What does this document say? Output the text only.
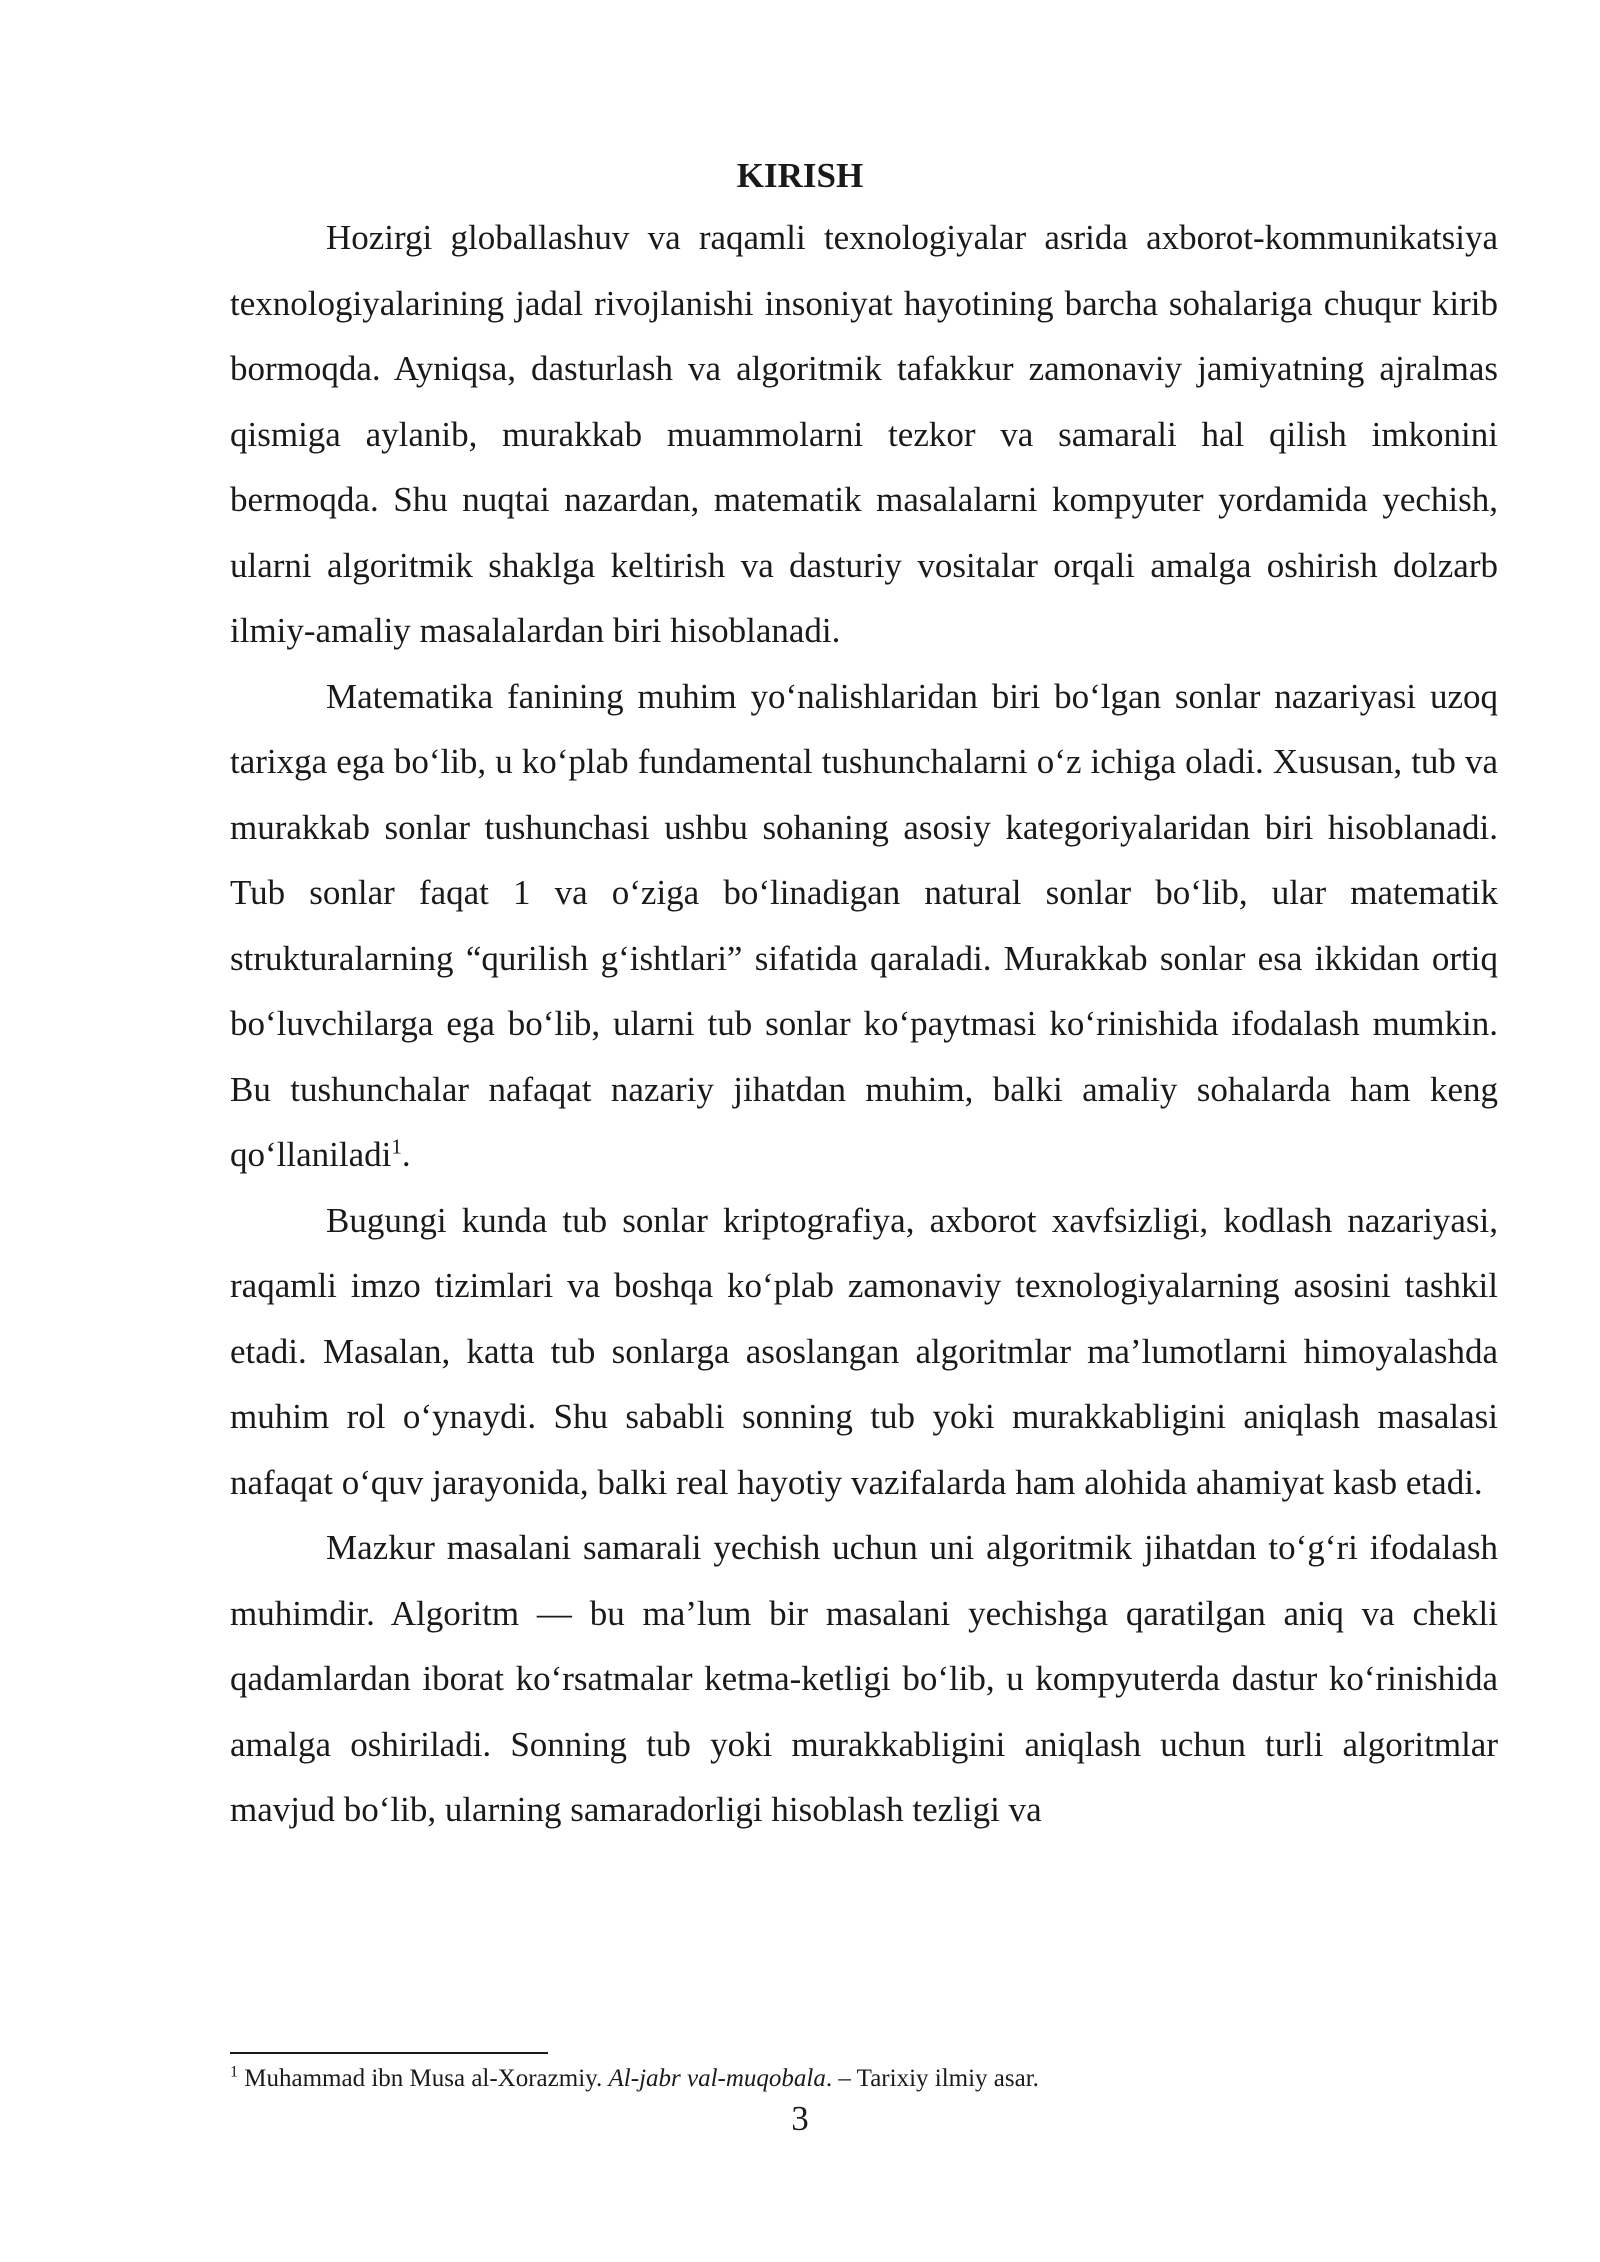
KIRISH

Hozirgi globallashuv va raqamli texnologiyalar asrida axborot-kommunikatsiya texnologiyalarining jadal rivojlanishi insoniyat hayotining barcha sohalariga chuqur kirib bormoqda. Ayniqsa, dasturlash va algoritmik tafakkur zamonaviy jamiyatning ajralmas qismiga aylanib, murakkab muammolarni tezkor va samarali hal qilish imkonini bermoqda. Shu nuqtai nazardan, matematik masalalarni kompyuter yordamida yechish, ularni algoritmik shaklga keltirish va dasturiy vositalar orqali amalga oshirish dolzarb ilmiy-amaliy masalalardan biri hisoblanadi.

Matematika fanining muhim yo‘nalishlaridan biri bo‘lgan sonlar nazariyasi uzoq tarixga ega bo‘lib, u ko‘plab fundamental tushunchalarni o‘z ichiga oladi. Xususan, tub va murakkab sonlar tushunchasi ushbu sohaning asosiy kategoriyalaridan biri hisoblanadi. Tub sonlar faqat 1 va o‘ziga bo‘linadigan natural sonlar bo‘lib, ular matematik strukturalarning “qurilish g‘ishtlari” sifatida qaraladi. Murakkab sonlar esa ikkidan ortiq bo‘luvchilarga ega bo‘lib, ularni tub sonlar ko‘paytmasi ko‘rinishida ifodalash mumkin. Bu tushunchalar nafaqat nazariy jihatdan muhim, balki amaliy sohalarda ham keng qo‘llaniladi$^1$.

Bugungi kunda tub sonlar kriptografiya, axborot xavfsizligi, kodlash nazariyasi, raqamli imzo tizimlari va boshqa ko‘plab zamonaviy texnologiyalarning asosini tashkil etadi. Masalan, katta tub sonlarga asoslangan algoritmlar ma’lumotlarni himoyalashda muhim rol o‘ynaydi. Shu sababli sonning tub yoki murakkabligini aniqlash masalasi nafaqat o‘quv jarayonida, balki real hayotiy vazifalarda ham alohida ahamiyat kasb etadi.

Mazkur masalani samarali yechish uchun uni algoritmik jihatdan to‘g‘ri ifodalash muhimdir. Algoritm — bu ma’lum bir masalani yechishga qaratilgan aniq va chekli qadamlardan iborat ko‘rsatmalar ketma-ketligi bo‘lib, u kompyuterda dastur ko‘rinishida amalga oshiriladi. Sonning tub yoki murakkabligini aniqlash uchun turli algoritmlar mavjud bo‘lib, ularning samaradorligi hisoblash tezligi va

$^1$ Muhammad ibn Musa al-Xorazmiy. Al-jabr val-muqobala. – Tarixiy ilmiy asar.

3
